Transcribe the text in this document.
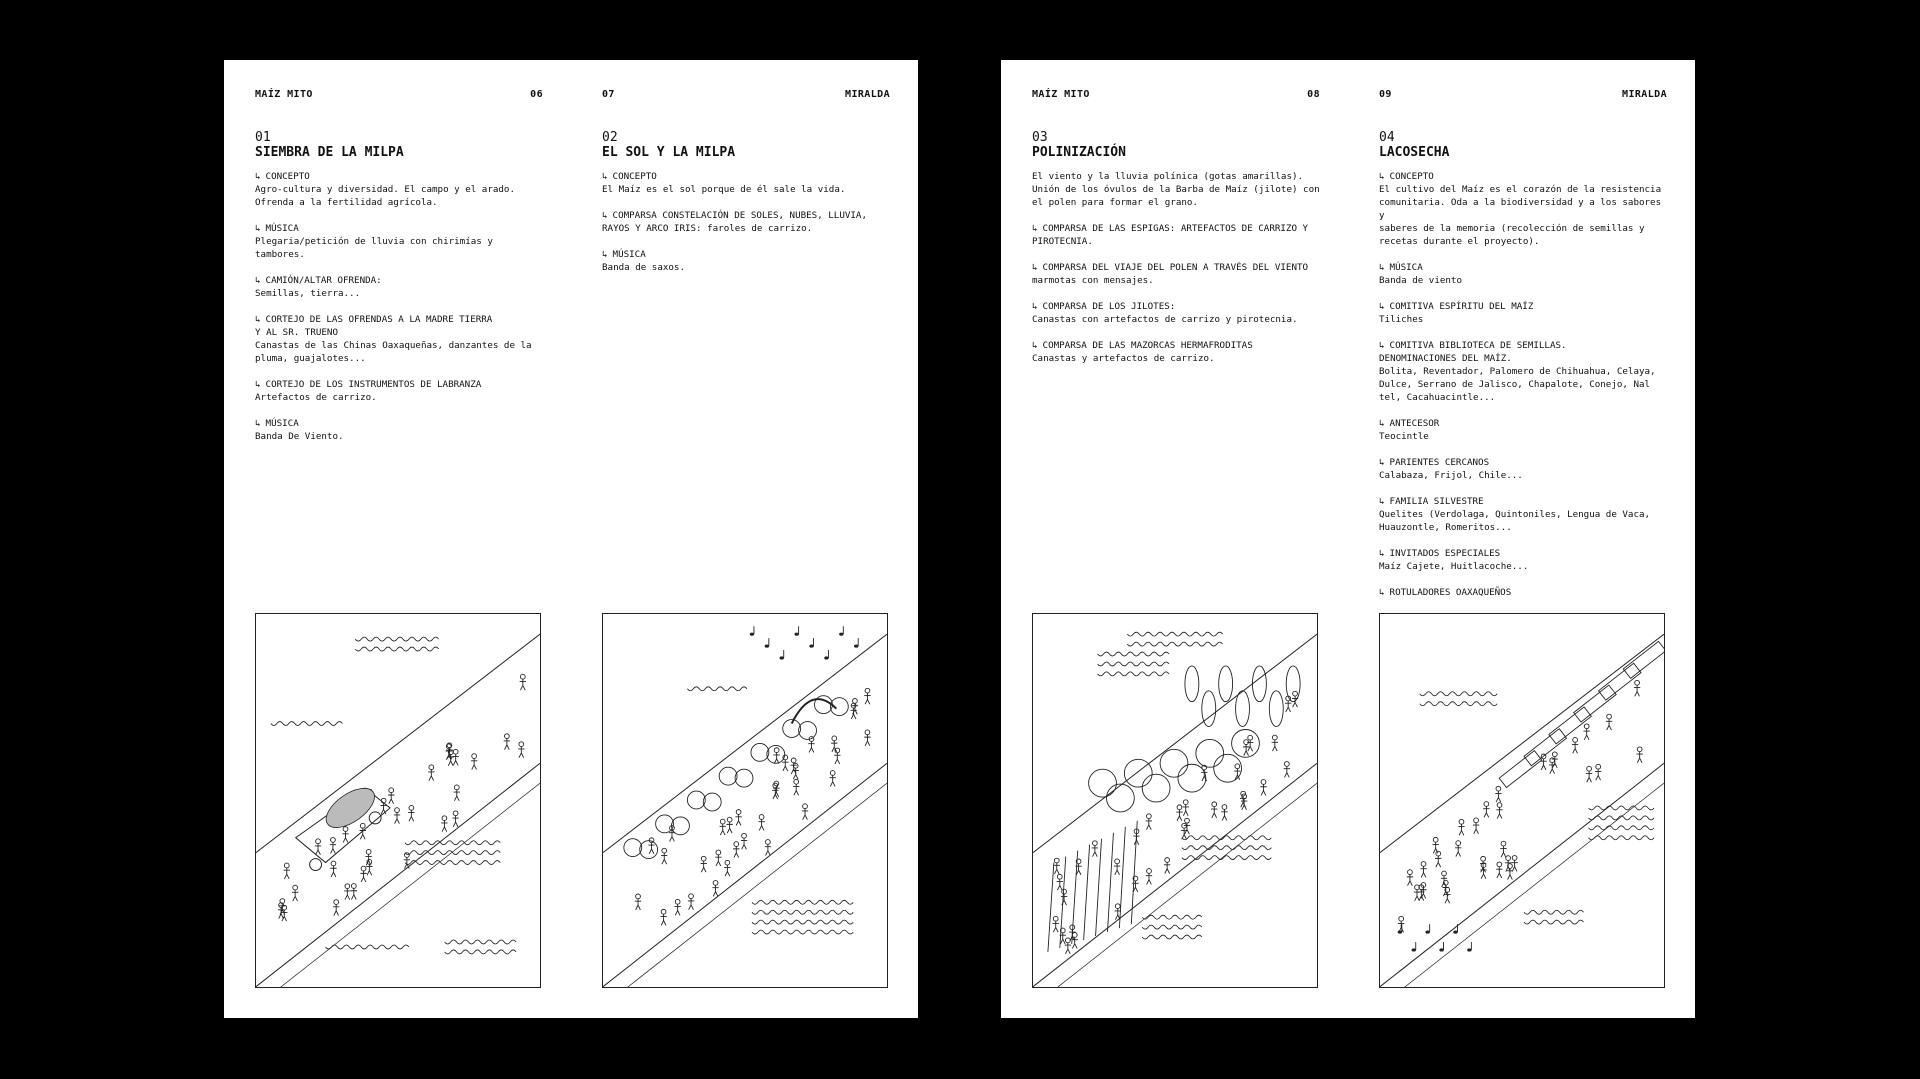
MAÍZ MITO	06
01
SIEMBRA DE LA MILPA
↳ CONCEPTO
Agro-cultura y diversidad. El campo y el arado.
Ofrenda a la fertilidad agrícola.
↳ MÚSICA
Plegaria/petición de lluvia con chirimías y tambores.
↳ CAMIÓN/ALTAR OFRENDA:
Semillas, tierra...
↳ CORTEJO DE LAS OFRENDAS A LA MADRE TIERRA
Y AL SR. TRUENO
Canastas de las Chinas Oaxaqueñas, danzantes de la
pluma, guajalotes...
↳ CORTEJO DE LOS INSTRUMENTOS DE LABRANZA
Artefactos de carrizo.
↳ MÚSICA
Banda De Viento.
07	MIRALDA
02
EL SOL Y LA MILPA
↳ CONCEPTO
El Maíz es el sol porque de él sale la vida.
↳ COMPARSA CONSTELACIÓN DE SOLES, NUBES, LLUVIA,
RAYOS Y ARCO IRIS: faroles de carrizo.
↳ MÚSICA
Banda de saxos.
MAÍZ MITO	08
03
POLINIZACIÓN
El viento y la lluvia polínica (gotas amarillas).
Unión de los óvulos de la Barba de Maíz (jilote) con
el polen para formar el grano.
↳ COMPARSA DE LAS ESPIGAS: ARTEFACTOS DE CARRIZO Y
PIROTECNIA.
↳ COMPARSA DEL VIAJE DEL POLEN A TRAVÉS DEL VIENTO
marmotas con mensajes.
↳ COMPARSA DE LOS JILOTES:
Canastas con artefactos de carrizo y pirotecnia.
↳ COMPARSA DE LAS MAZORCAS HERMAFRODITAS
Canastas y artefactos de carrizo.
09	MIRALDA
04
LACOSECHA
↳ CONCEPTO
El cultivo del Maíz es el corazón de la resistencia
comunitaria. Oda a la biodiversidad y a los sabores y
saberes de la memoria (recolección de semillas y
recetas durante el proyecto).
↳ MÚSICA
Banda de viento
↳ COMITIVA ESPÍRITU DEL MAÍZ
Tiliches
↳ COMITIVA BIBLIOTECA DE SEMILLAS.
DENOMINACIONES DEL MAÍZ.
Bolita, Reventador, Palomero de Chihuahua, Celaya,
Dulce, Serrano de Jalisco, Chapalote, Conejo, Nal
tel, Cacahuacintle...
↳ ANTECESOR
Teocintle
↳ PARIENTES CERCANOS
Calabaza, Frijol, Chile...
↳ FAMILIA SILVESTRE
Quelites (Verdolaga, Quintoniles, Lengua de Vaca,
Huauzontle, Romeritos...
↳ INVITADOS ESPECIALES
Maíz Cajete, Huitlacoche...
↳ ROTULADORES OAXAQUEÑOS
